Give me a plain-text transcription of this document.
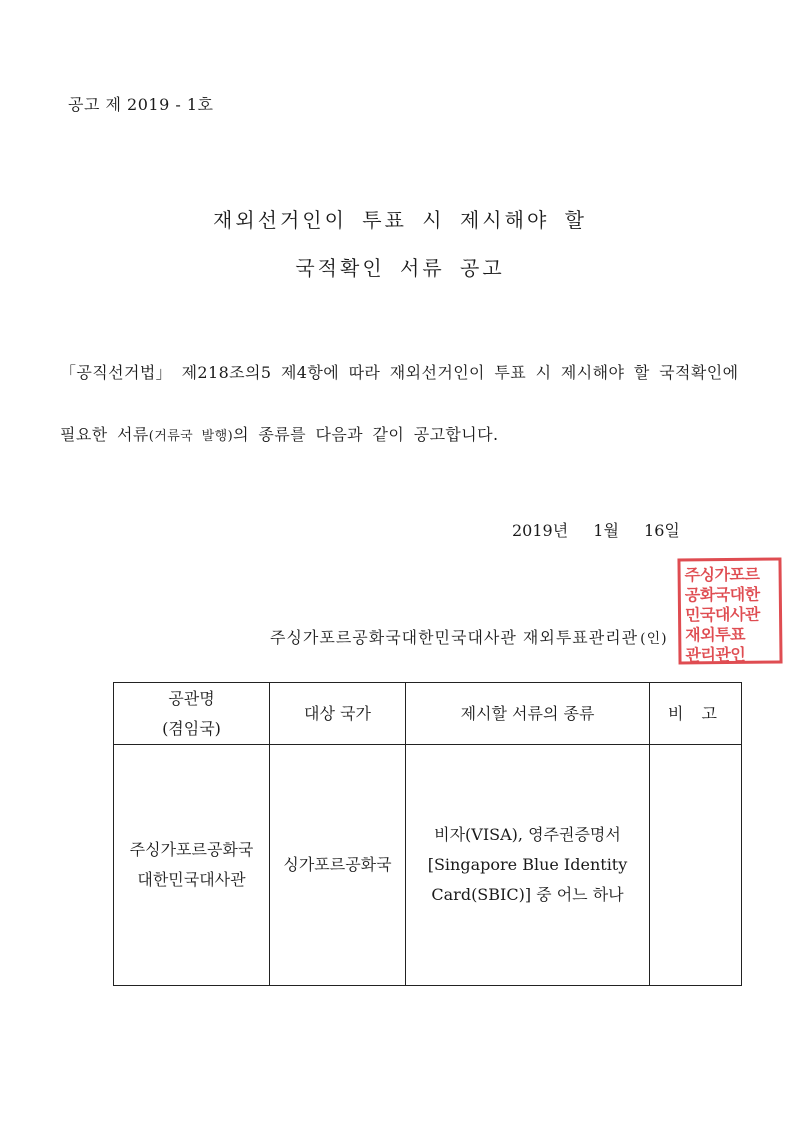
공고 제 2019 - 1호
재외선거인이 투표 시 제시해야 할
국적확인 서류 공고
「공직선거법」 제218조의5 제4항에 따라 재외선거인이 투표 시 제시해야 할 국적확인에
필요한 서류(거류국 발행)의 종류를 다음과 같이 공고합니다.
2019년 1월 16일
주싱가포르
공화국대한
민국대사관
재외투표
관리관인
주싱가포르공화국대한민국대사관 재외투표관리관 (인)
공관명
(겸임국)	대상 국가	제시할 서류의 종류	비고

주싱가포르공화국
대한민국대사관	싱가포르공화국	비자(VISA), 영주권증명서
[Singapore Blue Identity
Card(SBIC)] 중 어느 하나	
